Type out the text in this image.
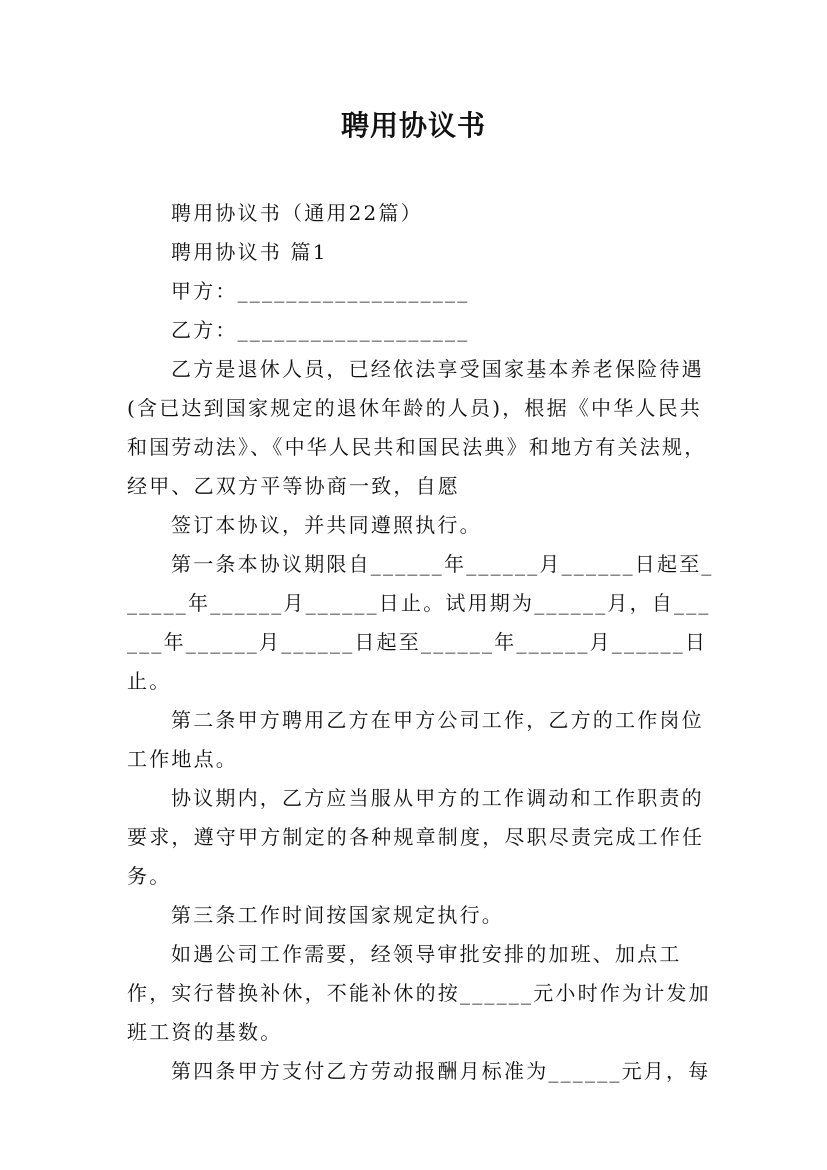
聘用协议书

聘用协议书（通用22篇）

聘用协议书 篇1

甲方：___________________

乙方：___________________

乙方是退休人员，已经依法享受国家基本养老保险待遇(含已达到国家规定的退休年龄的人员)，根据《中华人民共和国劳动法》、《中华人民共和国民法典》和地方有关法规，经甲、乙双方平等协商一致，自愿

签订本协议，并共同遵照执行。

第一条本协议期限自______年______月______日起至______年______月______日止。试用期为______月，自______年______月______日起至______年______月______日止。

第二条甲方聘用乙方在甲方公司工作，乙方的工作岗位工作地点。

协议期内，乙方应当服从甲方的工作调动和工作职责的要求，遵守甲方制定的各种规章制度，尽职尽责完成工作任务。

第三条工作时间按国家规定执行。

如遇公司工作需要，经领导审批安排的加班、加点工作，实行替换补休，不能补休的按______元小时作为计发加班工资的基数。

第四条甲方支付乙方劳动报酬月标准为______元月，每
